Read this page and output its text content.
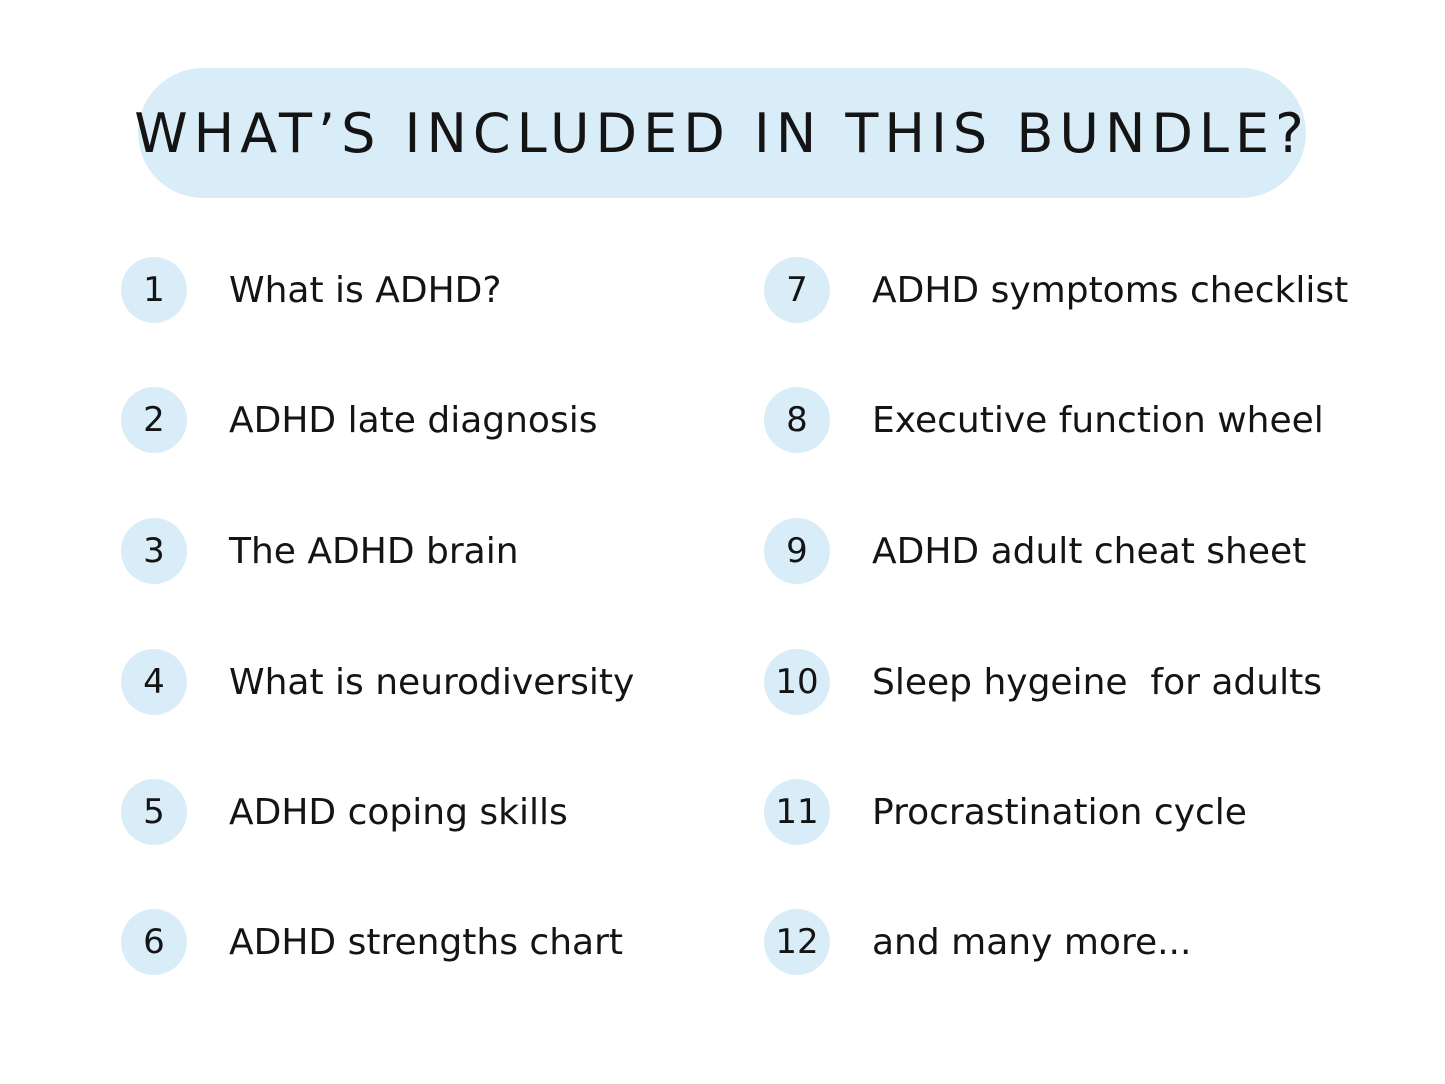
WHAT’S INCLUDED IN THIS BUNDLE?
1 What is ADHD?
2 ADHD late diagnosis
3 The ADHD brain
4 What is neurodiversity
5 ADHD coping skills
6 ADHD strengths chart
7 ADHD symptoms checklist
8 Executive function wheel
9 ADHD adult cheat sheet
10 Sleep hygeine  for adults
11 Procrastination cycle
12 and many more...
